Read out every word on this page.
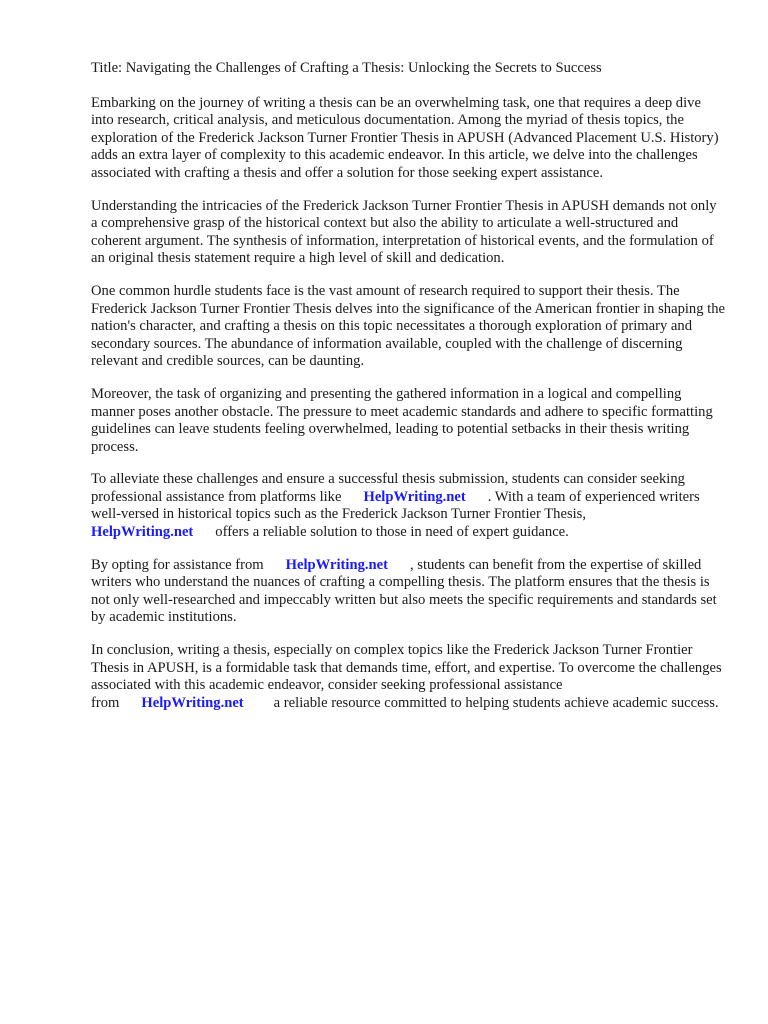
Title: Navigating the Challenges of Crafting a Thesis: Unlocking the Secrets to Success

Embarking on the journey of writing a thesis can be an overwhelming task, one that requires a deep dive into research, critical analysis, and meticulous documentation. Among the myriad of thesis topics, the exploration of the Frederick Jackson Turner Frontier Thesis in APUSH (Advanced Placement U.S. History) adds an extra layer of complexity to this academic endeavor. In this article, we delve into the challenges associated with crafting a thesis and offer a solution for those seeking expert assistance.

Understanding the intricacies of the Frederick Jackson Turner Frontier Thesis in APUSH demands not only a comprehensive grasp of the historical context but also the ability to articulate a well-structured and coherent argument. The synthesis of information, interpretation of historical events, and the formulation of an original thesis statement require a high level of skill and dedication.

One common hurdle students face is the vast amount of research required to support their thesis. The Frederick Jackson Turner Frontier Thesis delves into the significance of the American frontier in shaping the nation's character, and crafting a thesis on this topic necessitates a thorough exploration of primary and secondary sources. The abundance of information available, coupled with the challenge of discerning relevant and credible sources, can be daunting.

Moreover, the task of organizing and presenting the gathered information in a logical and compelling manner poses another obstacle. The pressure to meet academic standards and adhere to specific formatting guidelines can leave students feeling overwhelmed, leading to potential setbacks in their thesis writing process.

To alleviate these challenges and ensure a successful thesis submission, students can consider seeking professional assistance from platforms like HelpWriting.net . With a team of experienced writers well-versed in historical topics such as the Frederick Jackson Turner Frontier Thesis,
HelpWriting.net offers a reliable solution to those in need of expert guidance.

By opting for assistance from HelpWriting.net , students can benefit from the expertise of skilled writers who understand the nuances of crafting a compelling thesis. The platform ensures that the thesis is not only well-researched and impeccably written but also meets the specific requirements and standards set by academic institutions.

In conclusion, writing a thesis, especially on complex topics like the Frederick Jackson Turner Frontier Thesis in APUSH, is a formidable task that demands time, effort, and expertise. To overcome the challenges associated with this academic endeavor, consider seeking professional assistance from HelpWriting.net a reliable resource committed to helping students achieve academic success.
